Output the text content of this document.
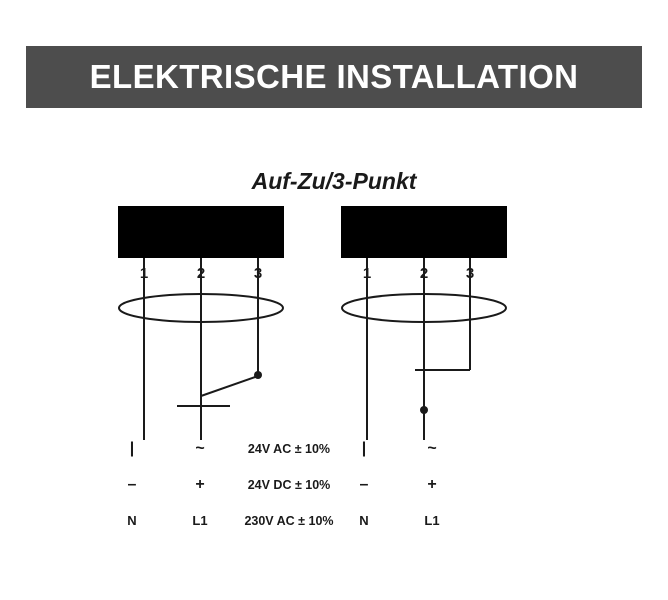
ELEKTRISCHE INSTALLATION
Auf-Zu/3-Punkt
1	2	3	1	2	3
|	~	24V AC ± 10%	|	~
–	+	24V DC ± 10%	–	+
N	L1	230V AC ± 10%	N	L1
